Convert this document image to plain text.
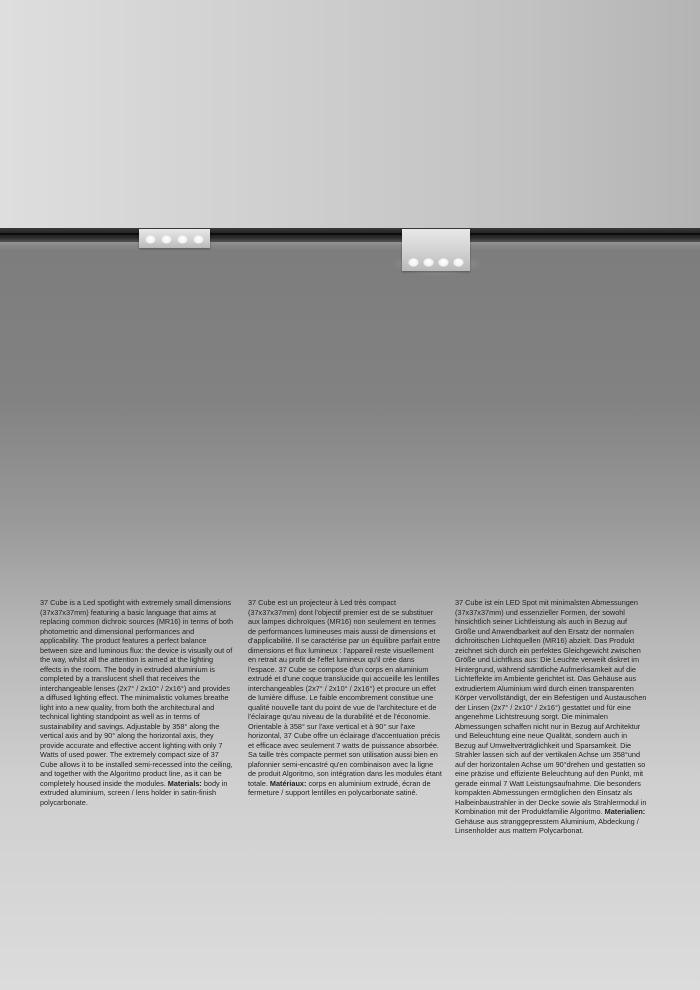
37 Cube is a Led spotlight with extremely small dimensions (37x37x37mm) featuring a basic language that aims at replacing common dichroic sources (MR16) in terms of both photometric and dimensional performances and applicability. The product features a perfect balance between size and luminous flux: the device is visually out of the way, whilst all the attention is aimed at the lighting effects in the room. The body in extruded aluminium is completed by a translucent shell that receives the interchangeable lenses (2x7° / 2x10° / 2x16°) and provides a diffused lighting effect. The minimalistic volumes breathe light into a new quality, from both the architectural and technical lighting standpoint as well as in terms of sustainability and savings. Adjustable by 358° along the vertical axis and by 90° along the horizontal axis, they provide accurate and effective accent lighting with only 7 Watts of used power. The extremely compact size of 37 Cube allows it to be installed semi-recessed into the ceiling, and together with the Algoritmo product line, as it can be completely housed inside the modules. Materials: body in extruded aluminium, screen / lens holder in satin-finish polycarbonate.
37 Cube est un projecteur à Led très compact (37x37x37mm) dont l'objectif premier est de se substituer aux lampes dichroïques (MR16) non seulement en termes de performances lumineuses mais aussi de dimensions et d'applicabilité. Il se caractérise par un équilibre parfait entre dimensions et flux lumineux : l'appareil reste visuellement en retrait au profit de l'effet lumineux qu'il crée dans l'espace. 37 Cube se compose d'un corps en aluminium extrudé et d'une coque translucide qui accueille les lentilles interchangeables (2x7° / 2x10° / 2x16°) et procure un effet de lumière diffuse. Le faible encombrement constitue une qualité nouvelle tant du point de vue de l'architecture et de l'éclairage qu'au niveau de la durabilité et de l'économie. Orientable à 358° sur l'axe vertical et à 90° sur l'axe horizontal, 37 Cube offre un éclairage d'accentuation précis et efficace avec seulement 7 watts de puissance absorbée. Sa taille très compacte permet son utilisation aussi bien en plafonnier semi-encastré qu'en combinaison avec la ligne de produit Algoritmo, son intégration dans les modules étant totale. Matériaux: corps en aluminium extrudé, écran de fermeture / support lentilles en polycarbonate satiné.
37 Cube ist ein LED Spot mit minimalsten Abmessungen (37x37x37mm) und essenzieller Formen, der sowohl hinsichtlich seiner Lichtleistung als auch in Bezug auf Größe und Anwendbarkeit auf den Ersatz der normalen dichroitischen Lichtquellen (MR16) abzielt. Das Produkt zeichnet sich durch ein perfektes Gleichgewicht zwischen Größe und Lichtfluss aus: Die Leuchte verweilt diskret im Hintergrund, während sämtliche Aufmerksamkeit auf die Lichteffekte im Ambiente gerichtet ist. Das Gehäuse aus extrudiertem Aluminium wird durch einen transparenten Körper vervollständigt, der ein Befestigen und Austauschen der Linsen (2x7° / 2x10° / 2x16°) gestattet und für eine angenehme Lichtstreuung sorgt. Die minimalen Abmessungen schaffen nicht nur in Bezug auf Architektur und Beleuchtung eine neue Qualität, sondern auch in Bezug auf Umweltverträglichkeit und Sparsamkeit. Die Strahler lassen sich auf der vertikalen Achse um 358°und auf der horizontalen Achse um 90°drehen und gestatten so eine präzise und effiziente Beleuchtung auf den Punkt, mit gerade einmal 7 Watt Leistungsaufnahme. Die besonders kompakten Abmessungen ermöglichen den Einsatz als Halbeinbaustrahler in der Decke sowie als Strahlermodul in Kombination mit der Produktfamilie Algoritmo. Materialien: Gehäuse aus stranggepresstem Aluminium, Abdeckung / Linsenholder aus mattem Polycarbonat.
